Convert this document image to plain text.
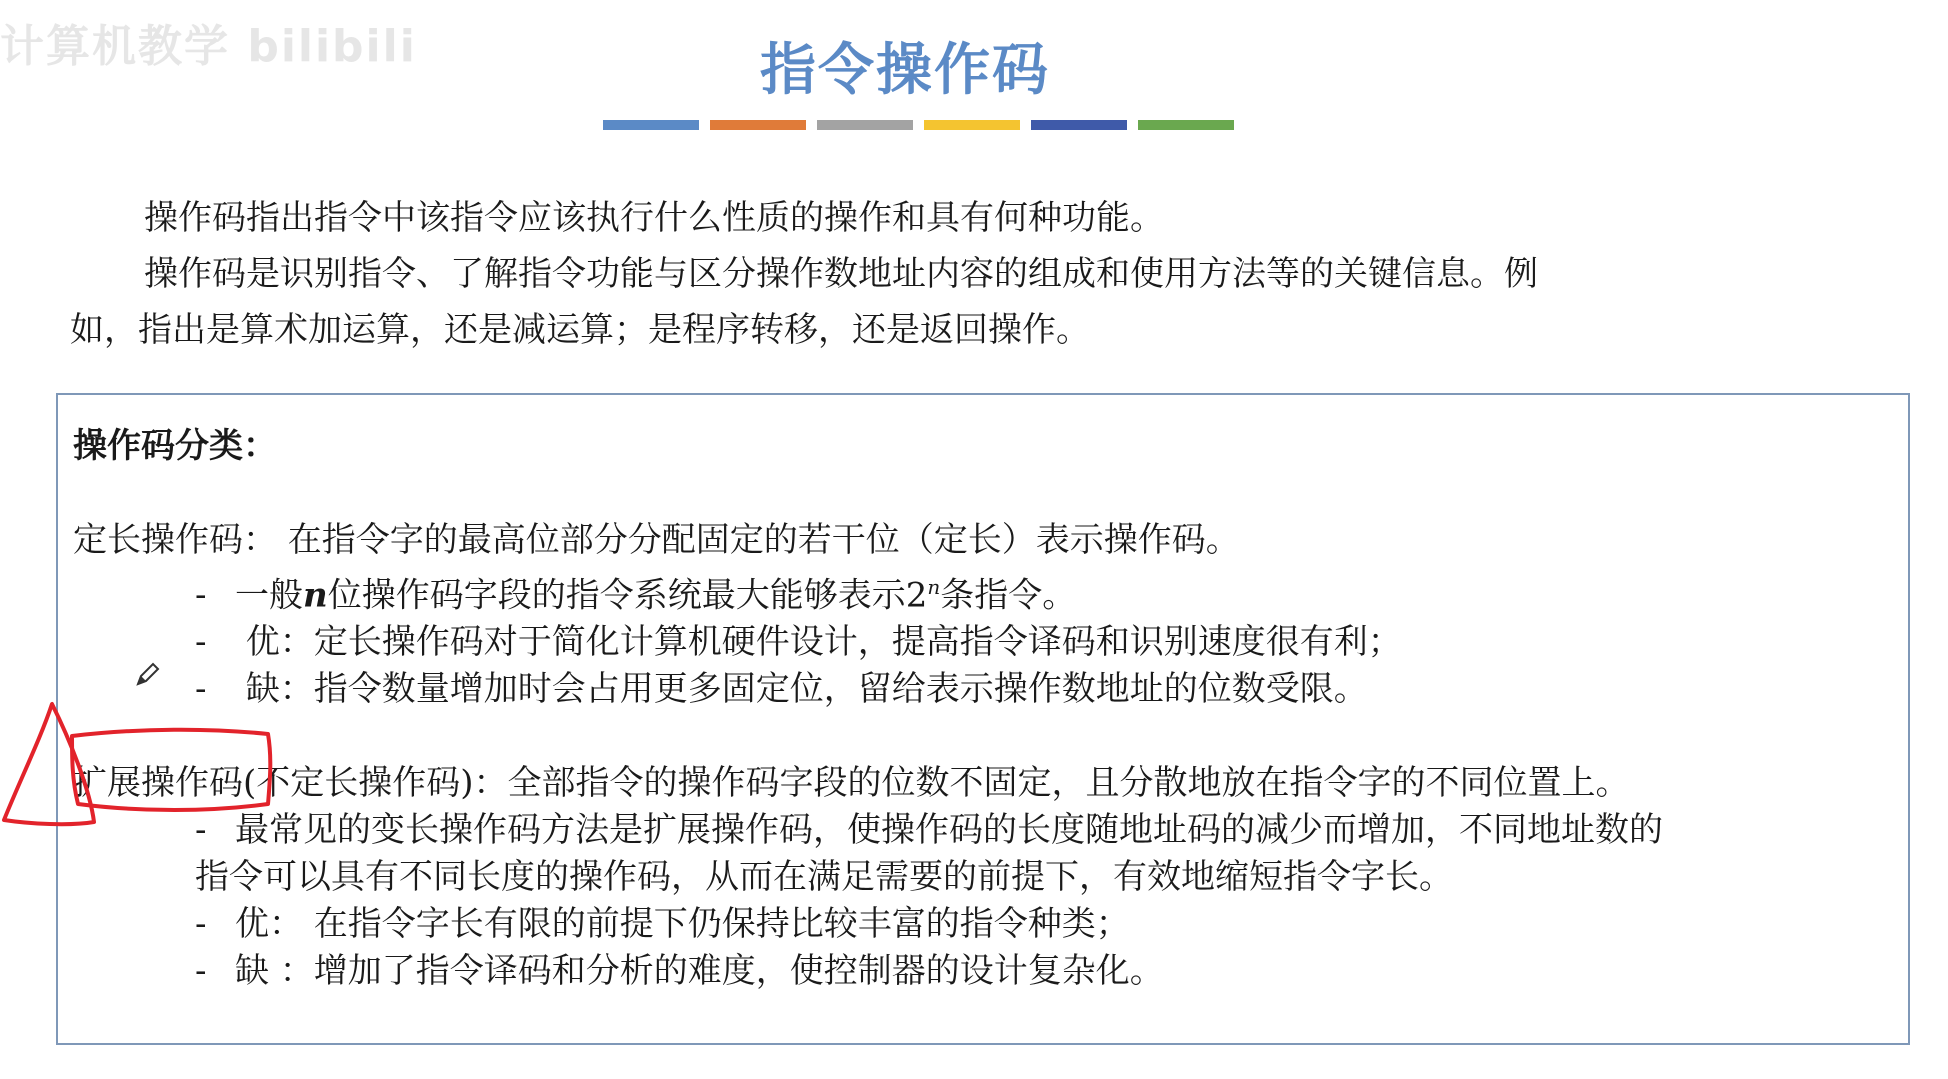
计算机教学 bilibili	指令操作码

操作码指出指令中该指令应该执行什么性质的操作和具有何种功能。

操作码是识别指令、了解指令功能与区分操作数地址内容的组成和使用方法等的关键信息。例

如，指出是算术加运算，还是减运算；是程序转移，还是返回操作。

操作码分类：
定长操作码： 在指令字的最高位部分分配固定的若干位（定长）表示操作码。
- 一般n位操作码字段的指令系统最大能够表示2$^n$条指令。
- 优：定长操作码对于简化计算机硬件设计，提高指令译码和识别速度很有利；
- 缺：指令数量增加时会占用更多固定位，留给表示操作数地址的位数受限。
扩展操作码(不定长操作码)：全部指令的操作码字段的位数不固定，且分散地放在指令字的不同位置上。
- 最常见的变长操作码方法是扩展操作码，使操作码的长度随地址码的减少而增加，不同地址数的
指令可以具有不同长度的操作码，从而在满足需要的前提下，有效地缩短指令字长。
- 优： 在指令字长有限的前提下仍保持比较丰富的指令种类；
- 缺 ：增加了指令译码和分析的难度，使控制器的设计复杂化。
